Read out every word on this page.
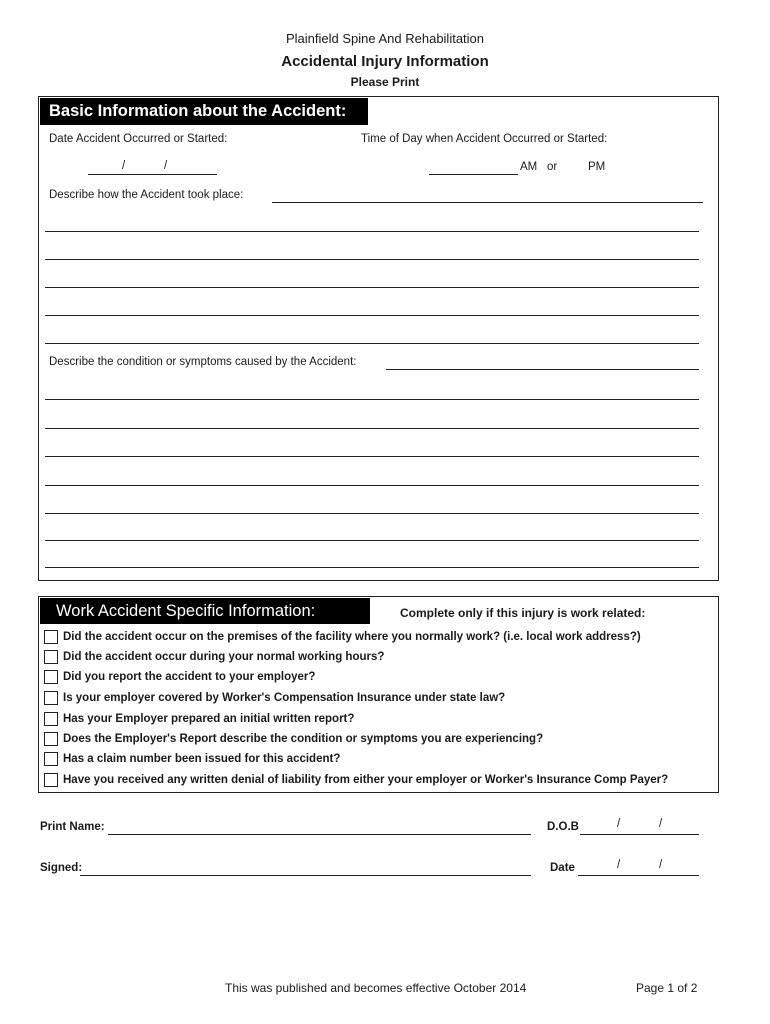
Plainfield Spine And Rehabilitation
Accidental Injury Information
Please Print
Basic Information about the Accident:
Date Accident Occurred or Started:	Time of Day when Accident Occurred or Started:
/	/	AM or	PM
Describe how the Accident took place:
Describe the condition or symptoms caused by the Accident:
Work Accident Specific Information:	Complete only if this injury is work related:
Did the accident occur on the premises of the facility where you normally work? (i.e. local work address?)
Did the accident occur during your normal working hours?
Did you report the accident to your employer?
Is your employer covered by Worker's Compensation Insurance under state law?
Has your Employer prepared an initial written report?
Does the Employer's Report describe the condition or symptoms you are experiencing?
Has a claim number been issued for this accident?
Have you received any written denial of liability from either your employer or Worker's Insurance Comp Payer?
Print Name:	D.O.B	/	/
Signed:	Date	/	/
This was published and becomes effective October 2014	Page 1 of 2
